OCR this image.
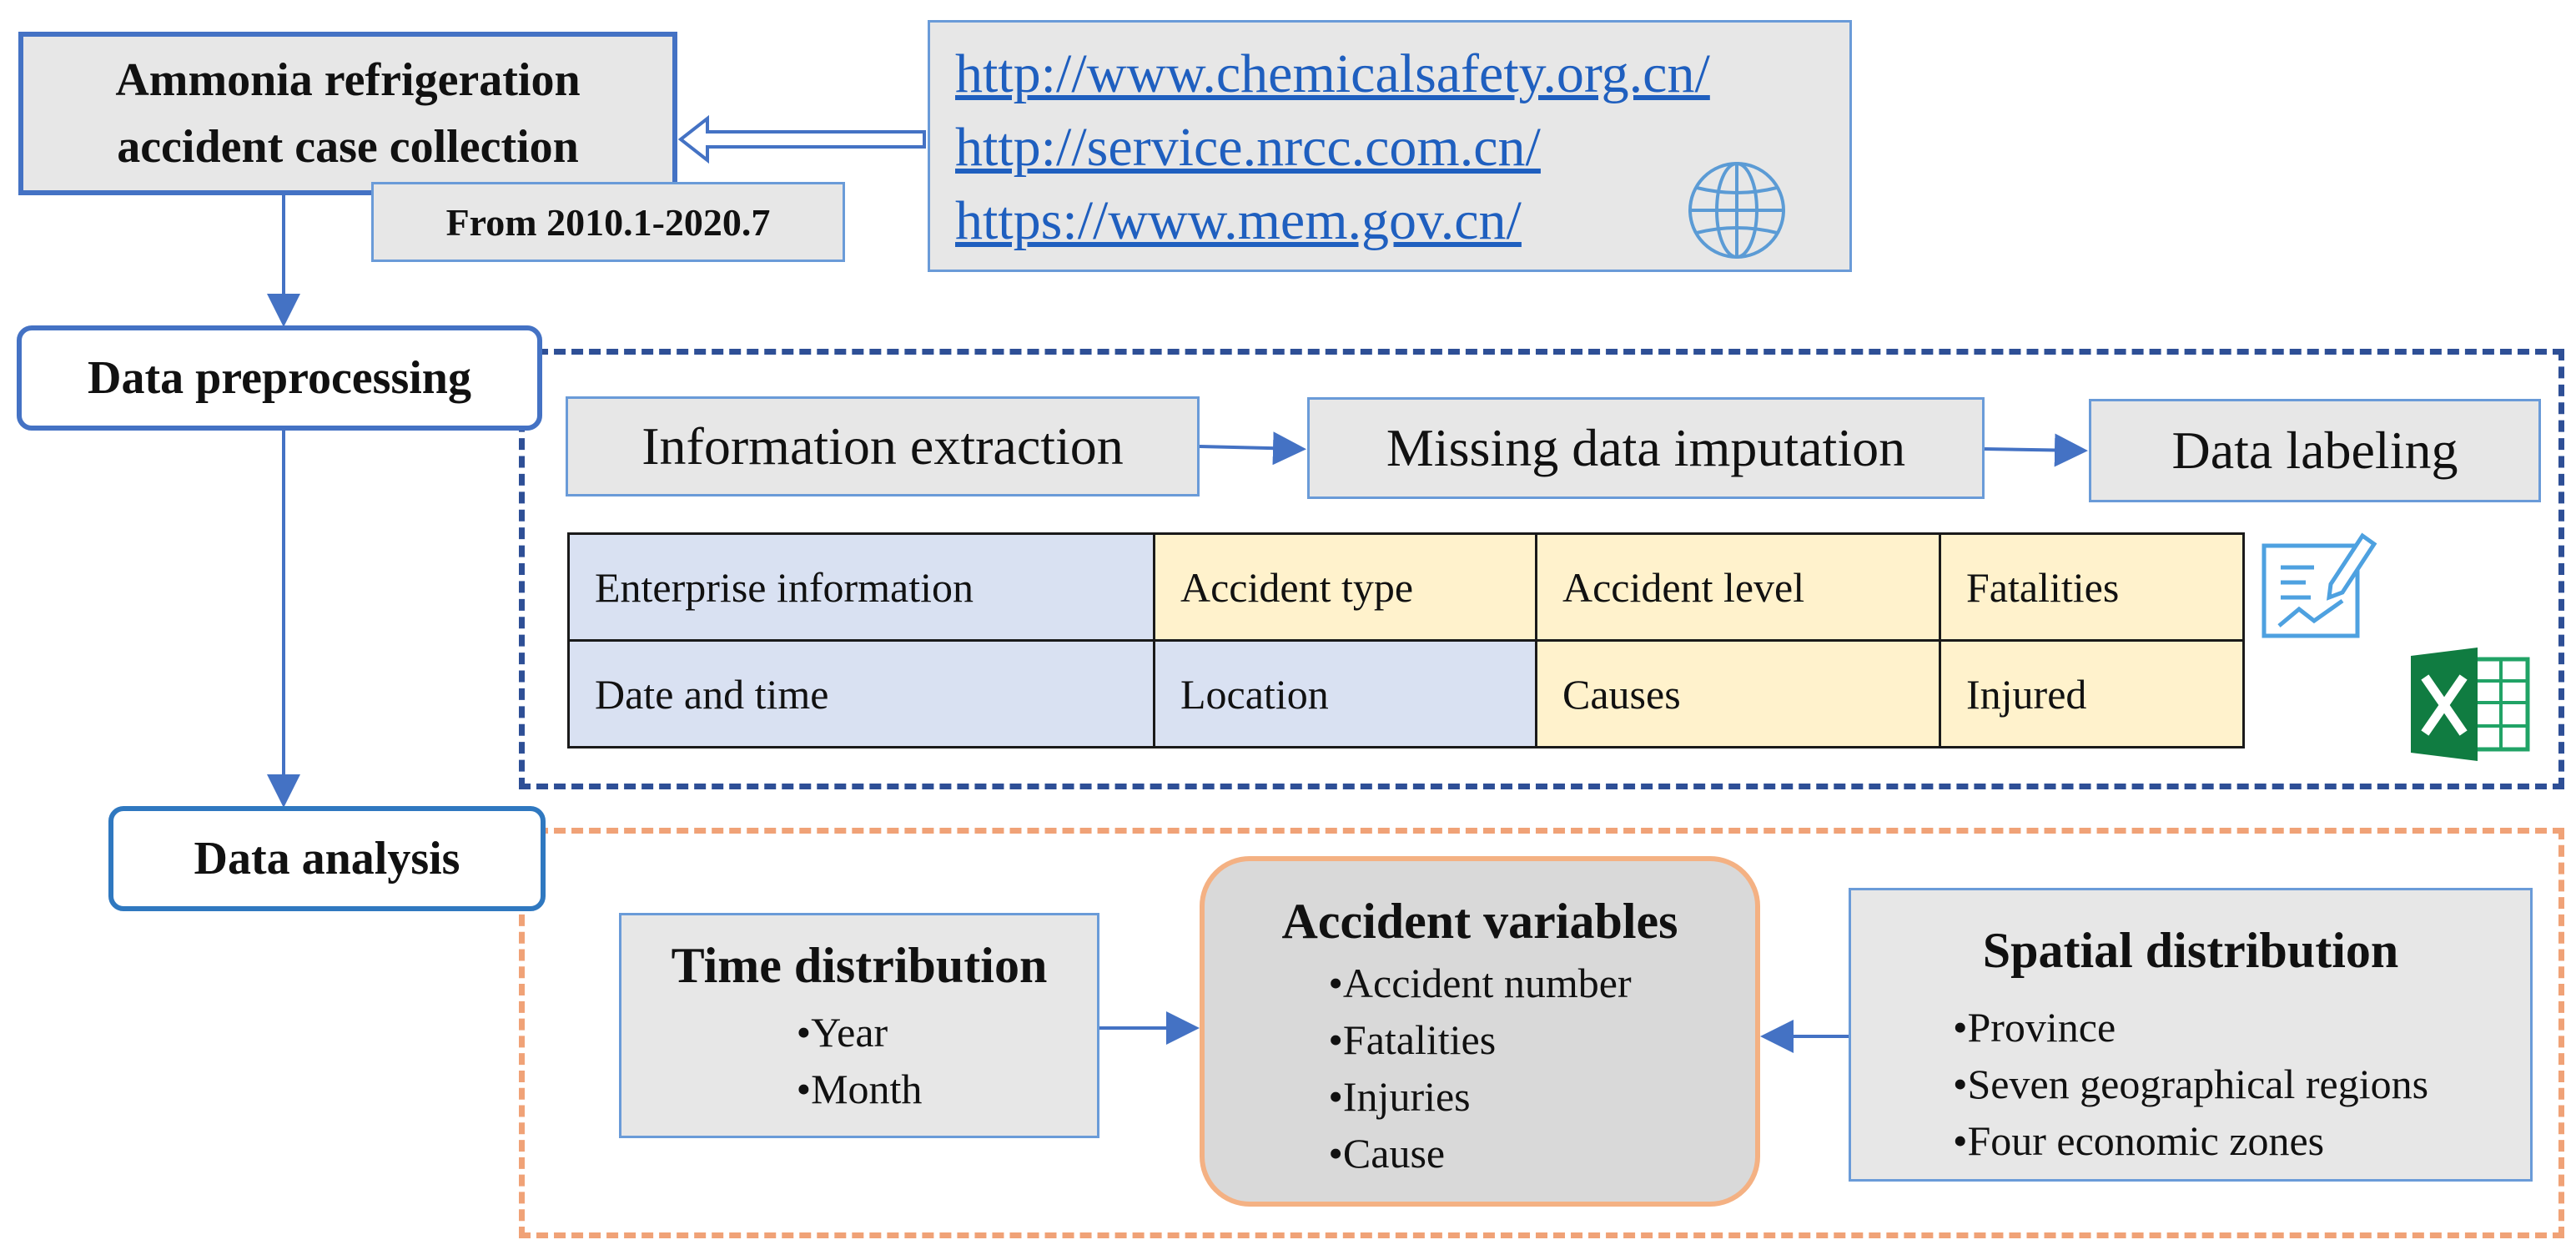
Ammonia refrigeration
accident case collection
From 2010.1-2020.7
http://www.chemicalsafety.org.cn/
http://service.nrcc.com.cn/
https://www.mem.gov.cn/
Data preprocessing
Information extraction	Missing data imputation	Data labeling
Enterprise information	Accident type	Accident level	Fatalities
Date and time	Location	Causes	Injured
Data analysis
Time distribution
•Year
•Month
Accident variables
•Accident number
•Fatalities
•Injuries
•Cause
Spatial distribution
•Province
•Seven geographical regions
•Four economic zones
